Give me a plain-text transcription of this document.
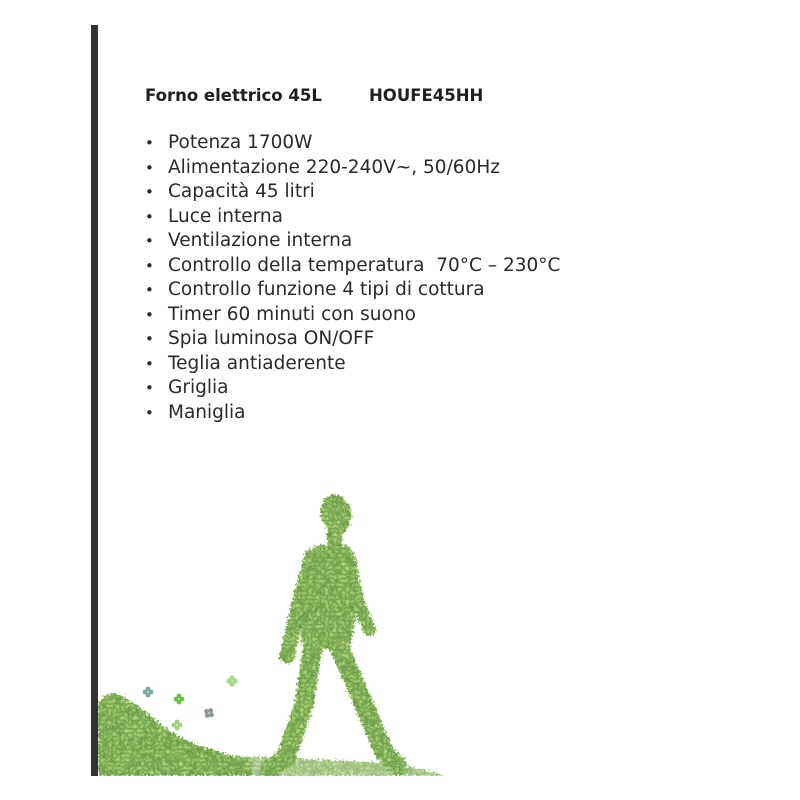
Forno elettrico 45L	HOUFE45HH
•
Potenza 1700W
•
Alimentazione 220-240V~, 50/60Hz
•
Capacità 45 litri
•
Luce interna
•
Ventilazione interna
•
Controllo della temperatura  70°C – 230°C
•
Controllo funzione 4 tipi di cottura
•
Timer 60 minuti con suono
•
Spia luminosa ON/OFF
•
Teglia antiaderente
•
Griglia
•
Maniglia
